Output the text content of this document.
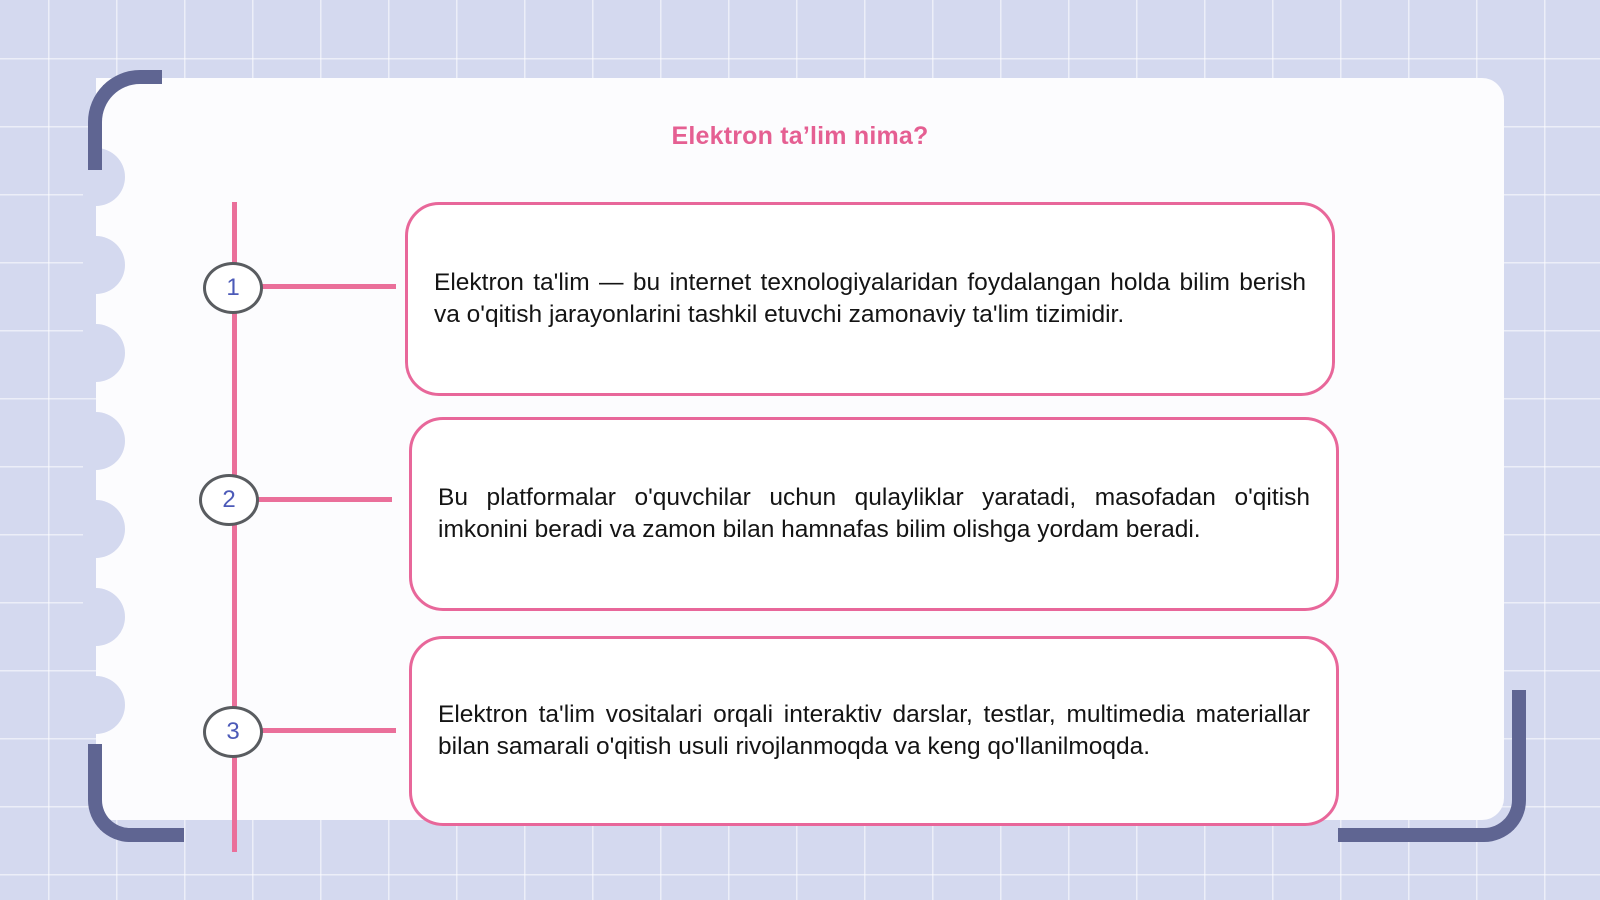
Elektron ta’lim nima?
1
2
3

Elektron ta'lim — bu internet texnologiyalaridan foydalangan holda bilim berish va o'qitish jarayonlarini tashkil etuvchi zamonaviy ta'lim tizimidir.

Bu platformalar o'quvchilar uchun qulayliklar yaratadi, masofadan o'qitish imkonini beradi va zamon bilan hamnafas bilim olishga yordam beradi.

Elektron ta'lim vositalari orqali interaktiv darslar, testlar, multimedia materiallar bilan samarali o'qitish usuli rivojlanmoqda va keng qo'llanilmoqda.
